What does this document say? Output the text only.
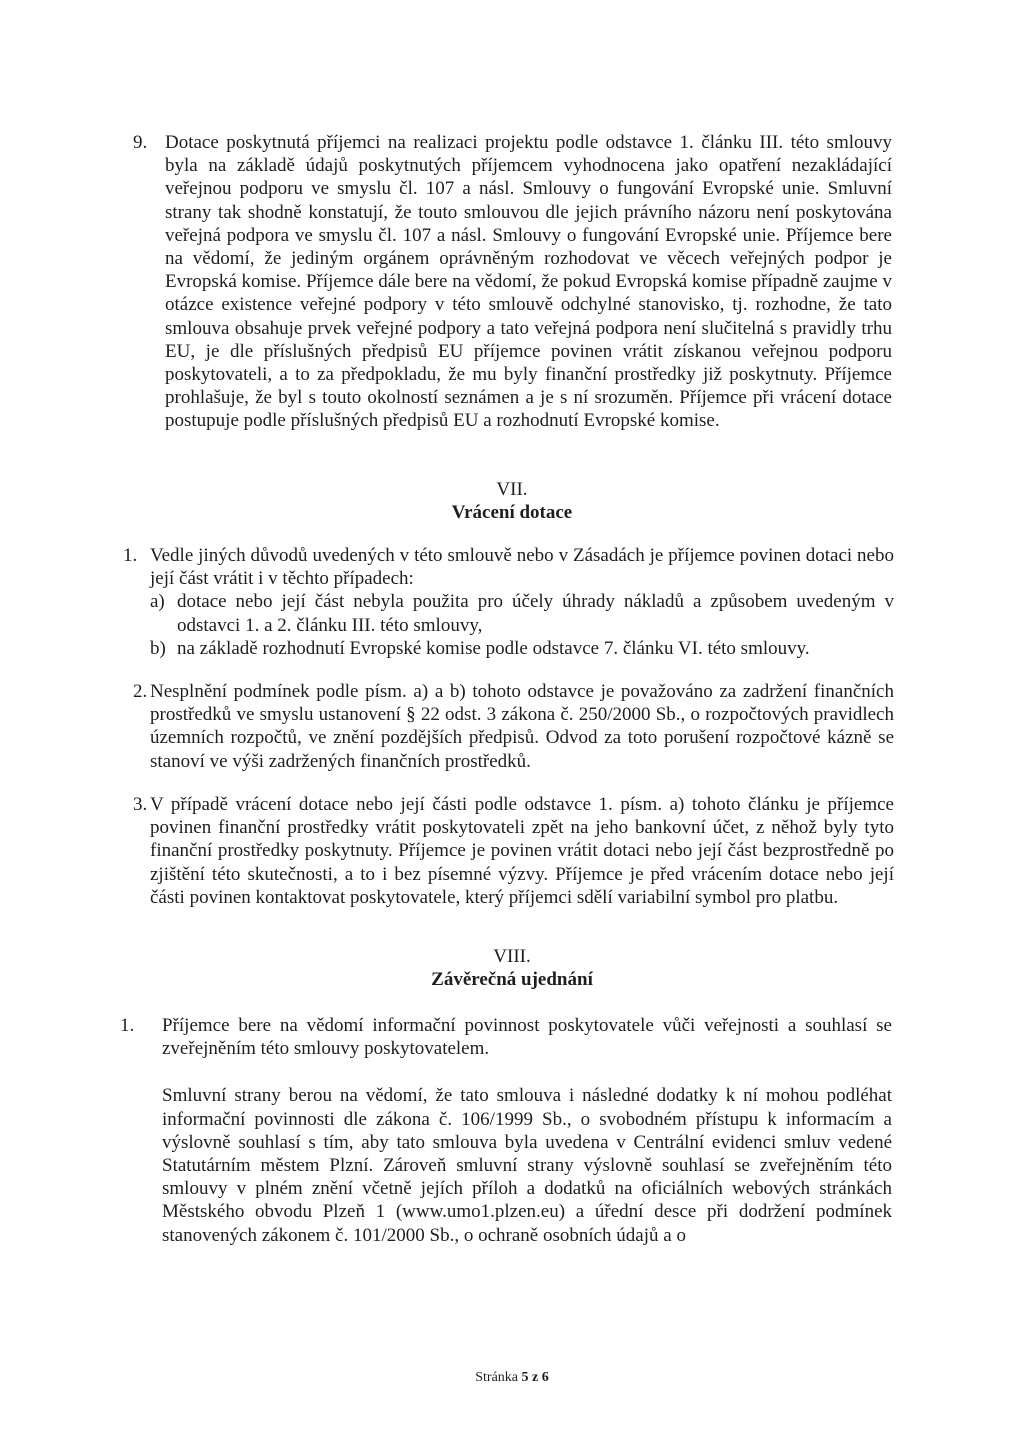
9. Dotace poskytnutá příjemci na realizaci projektu podle odstavce 1. článku III. této smlouvy byla na základě údajů poskytnutých příjemcem vyhodnocena jako opatření nezakládající veřejnou podporu ve smyslu čl. 107 a násl. Smlouvy o fungování Evropské unie. Smluvní strany tak shodně konstatují, že touto smlouvou dle jejich právního názoru není poskytována veřejná podpora ve smyslu čl. 107 a násl. Smlouvy o fungování Evropské unie. Příjemce bere na vědomí, že jediným orgánem oprávněným rozhodovat ve věcech veřejných podpor je Evropská komise. Příjemce dále bere na vědomí, že pokud Evropská komise případně zaujme v otázce existence veřejné podpory v této smlouvě odchylné stanovisko, tj. rozhodne, že tato smlouva obsahuje prvek veřejné podpory a tato veřejná podpora není slučitelná s pravidly trhu EU, je dle příslušných předpisů EU příjemce povinen vrátit získanou veřejnou podporu poskytovateli, a to za předpokladu, že mu byly finanční prostředky již poskytnuty. Příjemce prohlašuje, že byl s touto okolností seznámen a je s ní srozuměn. Příjemce při vrácení dotace postupuje podle příslušných předpisů EU a rozhodnutí Evropské komise.

VII.
Vrácení dotace
1. Vedle jiných důvodů uvedených v této smlouvě nebo v Zásadách je příjemce povinen dotaci nebo její část vrátit i v těchto případech:

a) dotace nebo její část nebyla použita pro účely úhrady nákladů a způsobem uvedeným v odstavci 1. a 2. článku III. této smlouvy,

b) na základě rozhodnutí Evropské komise podle odstavce 7. článku VI. této smlouvy.

2. Nesplnění podmínek podle písm. a) a b) tohoto odstavce je považováno za zadržení finančních prostředků ve smyslu ustanovení § 22 odst. 3 zákona č. 250/2000 Sb., o rozpočtových pravidlech územních rozpočtů, ve znění pozdějších předpisů. Odvod za toto porušení rozpočtové kázně se stanoví ve výši zadržených finančních prostředků.

3. V případě vrácení dotace nebo její části podle odstavce 1. písm. a) tohoto článku je příjemce povinen finanční prostředky vrátit poskytovateli zpět na jeho bankovní účet, z něhož byly tyto finanční prostředky poskytnuty. Příjemce je povinen vrátit dotaci nebo její část bezprostředně po zjištění této skutečnosti, a to i bez písemné výzvy. Příjemce je před vrácením dotace nebo její části povinen kontaktovat poskytovatele, který příjemci sdělí variabilní symbol pro platbu.

VIII.
Závěrečná ujednání
1. Příjemce bere na vědomí informační povinnost poskytovatele vůči veřejnosti a souhlasí se zveřejněním této smlouvy poskytovatelem.

Smluvní strany berou na vědomí, že tato smlouva i následné dodatky k ní mohou podléhat informační povinnosti dle zákona č. 106/1999 Sb., o svobodném přístupu k informacím a výslovně souhlasí s tím, aby tato smlouva byla uvedena v Centrální evidenci smluv vedené Statutárním městem Plzní. Zároveň smluvní strany výslovně souhlasí se zveřejněním této smlouvy v plném znění včetně jejích příloh a dodatků na oficiálních webových stránkách Městského obvodu Plzeň 1 (www.umo1.plzen.eu) a úřední desce při dodržení podmínek stanovených zákonem č. 101/2000 Sb., o ochraně osobních údajů a o

Stránka 5 z 6
